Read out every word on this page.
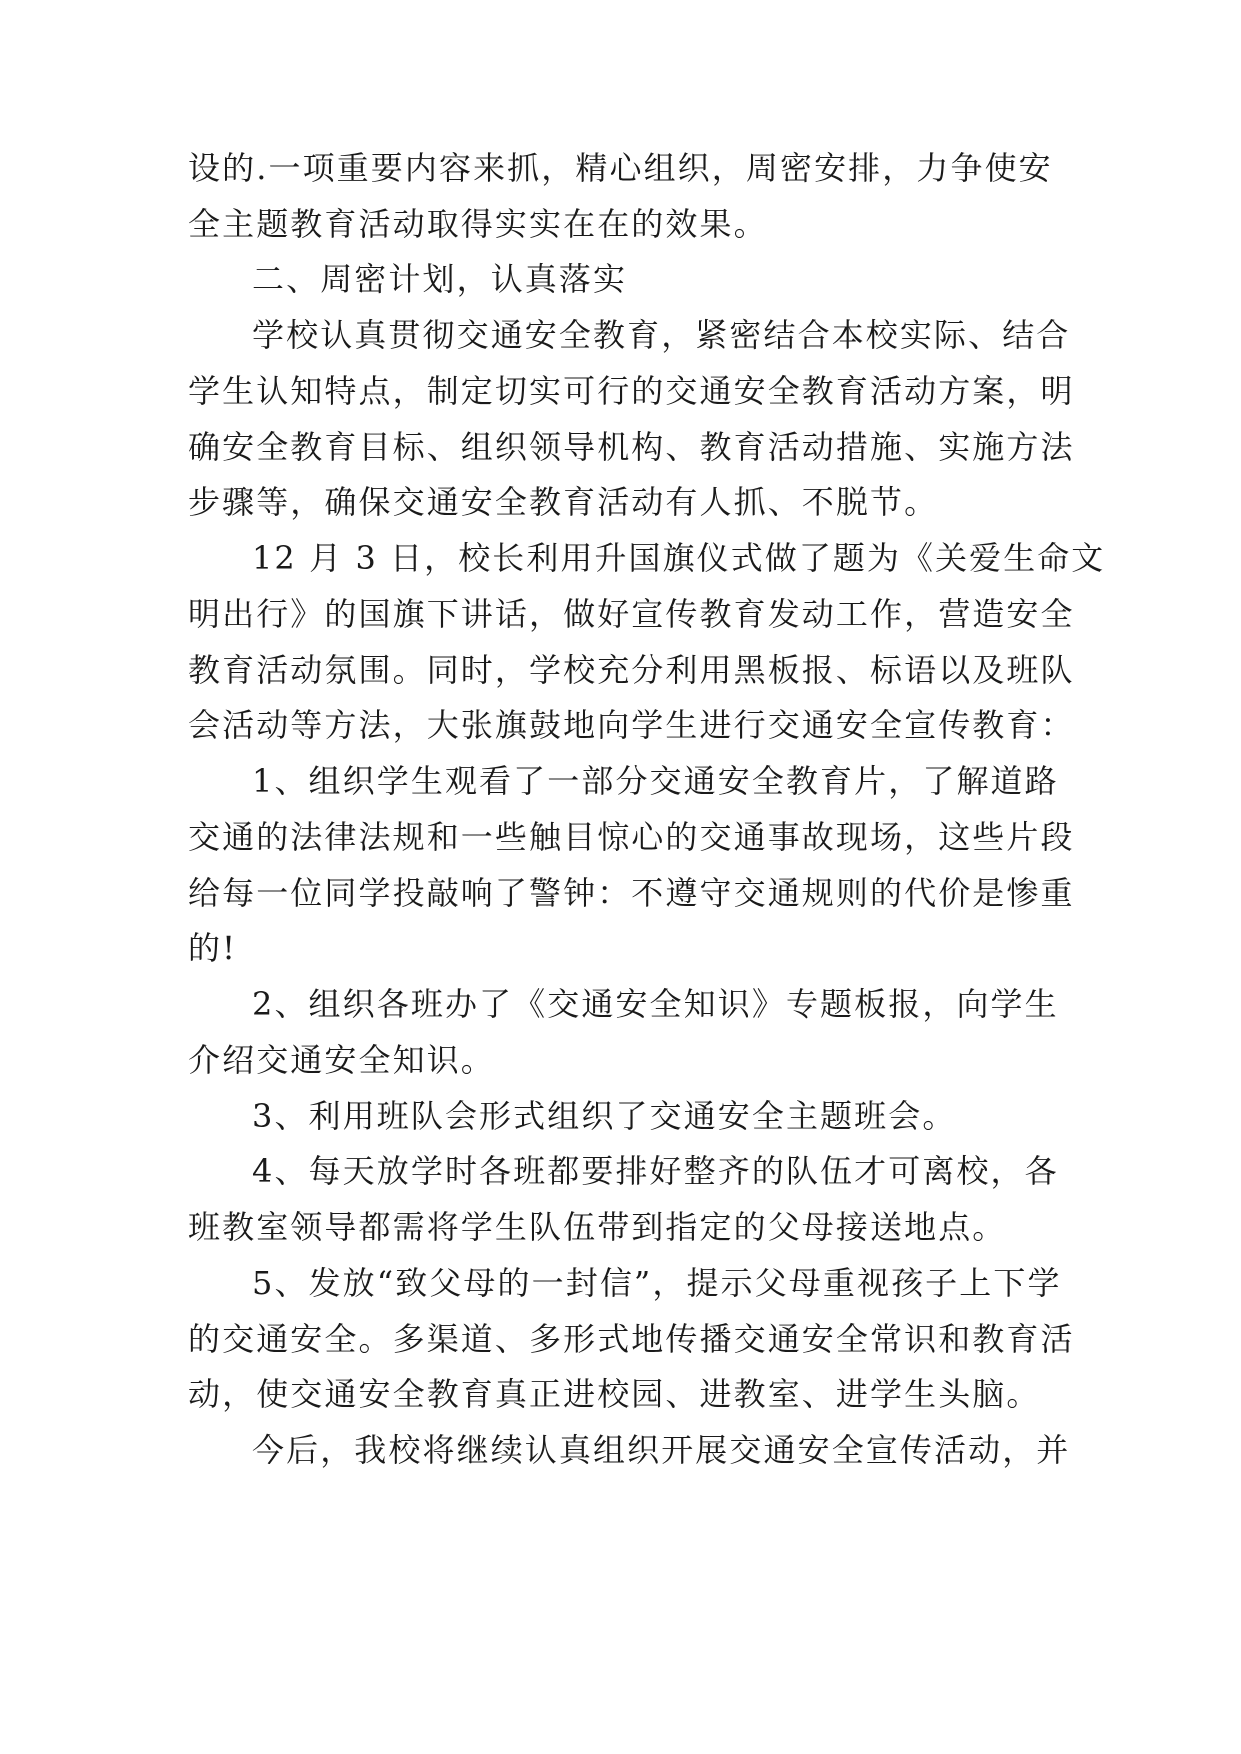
设的.一项重要内容来抓，精心组织，周密安排，力争使安
全主题教育活动取得实实在在的效果。
二、周密计划，认真落实
学校认真贯彻交通安全教育，紧密结合本校实际、结合
学生认知特点，制定切实可行的交通安全教育活动方案，明
确安全教育目标、组织领导机构、教育活动措施、实施方法
步骤等，确保交通安全教育活动有人抓、不脱节。
12 月 3 日，校长利用升国旗仪式做了题为《关爱生命文
明出行》的国旗下讲话，做好宣传教育发动工作，营造安全
教育活动氛围。同时，学校充分利用黑板报、标语以及班队
会活动等方法，大张旗鼓地向学生进行交通安全宣传教育：
1、组织学生观看了一部分交通安全教育片，了解道路
交通的法律法规和一些触目惊心的交通事故现场，这些片段
给每一位同学投敲响了警钟：不遵守交通规则的代价是惨重
的!
2、组织各班办了《交通安全知识》专题板报，向学生
介绍交通安全知识。
3、利用班队会形式组织了交通安全主题班会。
4、每天放学时各班都要排好整齐的队伍才可离校，各
班教室领导都需将学生队伍带到指定的父母接送地点。
5、发放“致父母的一封信”，提示父母重视孩子上下学
的交通安全。多渠道、多形式地传播交通安全常识和教育活
动，使交通安全教育真正进校园、进教室、进学生头脑。
今后，我校将继续认真组织开展交通安全宣传活动，并
